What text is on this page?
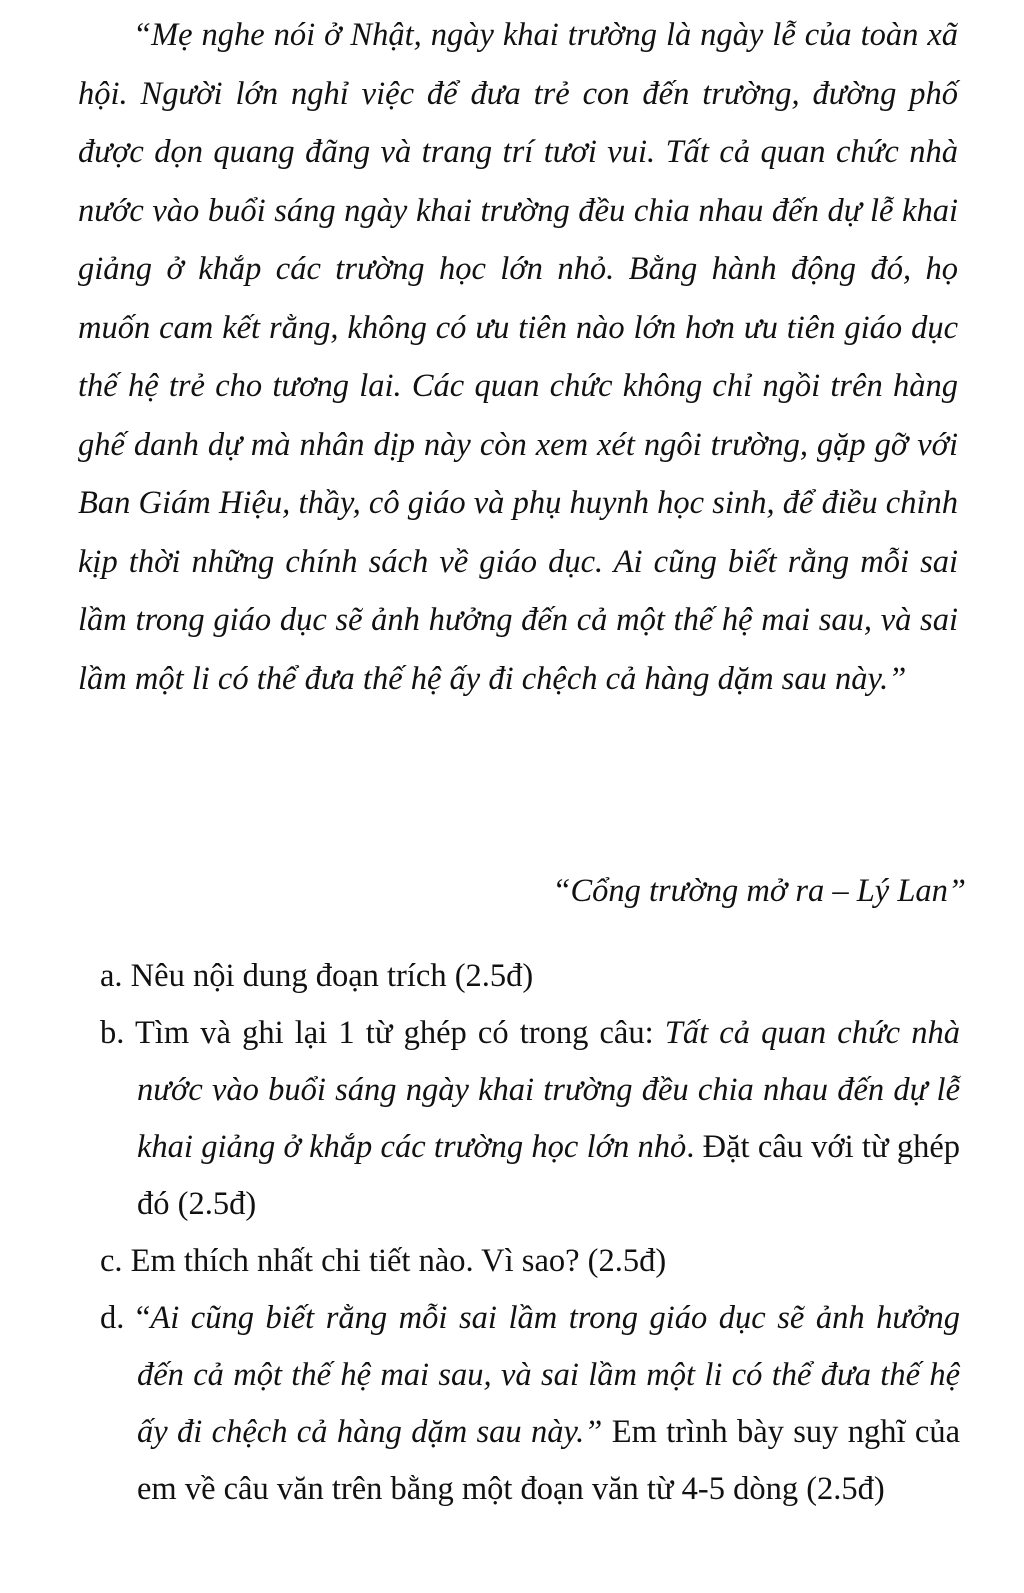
“Mẹ nghe nói ở Nhật, ngày khai trường là ngày lễ của toàn xã hội. Người lớn nghỉ việc để đưa trẻ con đến trường, đường phố được dọn quang đãng và trang trí tươi vui. Tất cả quan chức nhà nước vào buổi sáng ngày khai trường đều chia nhau đến dự lễ khai giảng ở khắp các trường học lớn nhỏ. Bằng hành động đó, họ muốn cam kết rằng, không có ưu tiên nào lớn hơn ưu tiên giáo dục thế hệ trẻ cho tương lai. Các quan chức không chỉ ngồi trên hàng ghế danh dự mà nhân dịp này còn xem xét ngôi trường, gặp gỡ với Ban Giám Hiệu, thầy, cô giáo và phụ huynh học sinh, để điều chỉnh kịp thời những chính sách về giáo dục. Ai cũng biết rằng mỗi sai lầm trong giáo dục sẽ ảnh hưởng đến cả một thế hệ mai sau, và sai lầm một li có thể đưa thế hệ ấy đi chệch cả hàng dặm sau này.”

“Cổng trường mở ra – Lý Lan”

a. Nêu nội dung đoạn trích (2.5đ)
b. Tìm và ghi lại 1 từ ghép có trong câu: Tất cả quan chức nhà nước vào buổi sáng ngày khai trường đều chia nhau đến dự lễ khai giảng ở khắp các trường học lớn nhỏ. Đặt câu với từ ghép đó (2.5đ)
c. Em thích nhất chi tiết nào. Vì sao? (2.5đ)
d. “Ai cũng biết rằng mỗi sai lầm trong giáo dục sẽ ảnh hưởng đến cả một thế hệ mai sau, và sai lầm một li có thể đưa thế hệ ấy đi chệch cả hàng dặm sau này.” Em trình bày suy nghĩ của em về câu văn trên bằng một đoạn văn từ 4-5 dòng (2.5đ)
